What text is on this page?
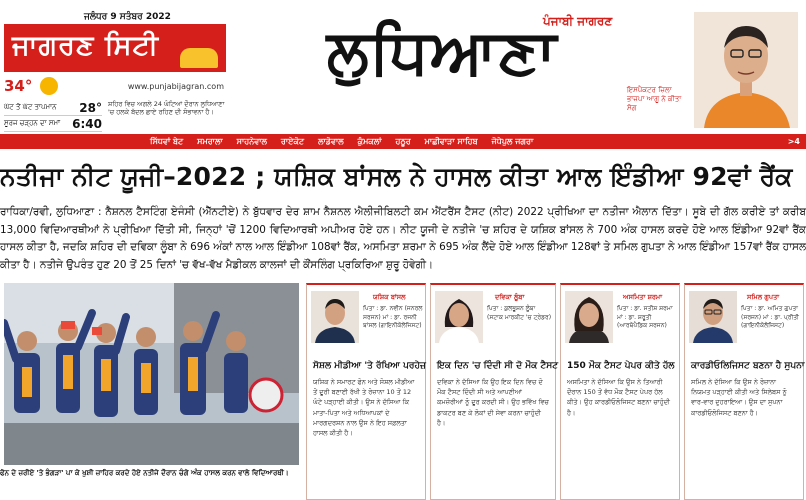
ਜਲੰਧਰ 9 ਸਤੰਬਰ 2022
ਜਾਗਰਣ ਸਿਟੀ
34°	www.punjabijagran.com
ਘੱਟ ਤੋਂ ਘੱਟ ਤਾਪਮਾਨ 28°
ਸੂਰਜ ਚੜ੍ਹਨ ਦਾ ਸਮਾਂ 6:40
ਸ਼ਹਿਰ ਵਿਚ ਅਗਲੇ 24 ਘੰਟਿਆਂ ਦੌਰਾਨ ਲੁਧਿਆਣਾ 'ਚ ਹਲਕੇ ਬੱਦਲ ਛਾਏ ਰਹਿਣ ਦੀ ਸੰਭਾਵਨਾ ਹੈ।
ਪੰਜਾਬੀ ਜਾਗਰਣ
ਲੁਧਿਆਣਾ
ਇਸਪੈਕਟਰ ਜ਼ਿਲਾ ਭਾਜਪਾ ਆਗੂ ਨੇ ਕੀਤਾ ਸੋਗ
ਸਿੱਧਵਾਂ ਬੇਟ ਸਮਰਾਲਾ ਸਾਹਨੇਵਾਲ ਰਾਏਕੋਟ ਲਾਡੋਵਾਲ ਕੁੰਮਕਲਾਂ ਹਠੂਰ ਮਾਛੀਵਾੜਾ ਸਾਹਿਬ ਜੋਧੇਪੁਲ ਜਗਰਾ	>4
ਨਤੀਜਾ ਨੀਟ ਯੂਜੀ–2022 ; ਯਸ਼ਿਕ ਬਾਂਸਲ ਨੇ ਹਾਸਲ ਕੀਤਾ ਆਲ ਇੰਡੀਆ 92ਵਾਂ ਰੈਂਕ
ਰਾਧਿਕਾ/ਰਵੀ, ਲੁਧਿਆਣਾ : ਨੈਸ਼ਨਲ ਟੈਸਟਿੰਗ ਏਜੰਸੀ (ਐੱਨਟੀਏ) ਨੇ ਬੁੱਧਵਾਰ ਦੇਰ ਸ਼ਾਮ ਨੈਸ਼ਨਲ ਐਲੀਜੀਬਿਲਟੀ ਕਮ ਐਂਟਰੈਂਸ ਟੈਸਟ (ਨੀਟ) 2022 ਪ੍ਰੀਖਿਆ ਦਾ ਨਤੀਜਾ ਐਲਾਨ ਦਿੱਤਾ। ਸੂਬੇ ਦੀ ਗੱਲ ਕਰੀਏ ਤਾਂ ਕਰੀਬ 13,000 ਵਿਦਿਆਰਥੀਆਂ ਨੇ ਪ੍ਰੀਖਿਆ ਦਿੱਤੀ ਸੀ, ਜਿਨ੍ਹਾਂ 'ਚੋਂ 1200 ਵਿਦਿਆਰਥੀ ਅਪੀਅਰ ਹੋਏ ਹਨ। ਨੀਟ ਯੂਜੀ ਦੇ ਨਤੀਜੇ 'ਚ ਸ਼ਹਿਰ ਦੇ ਯਸ਼ਿਕ ਬਾਂਸਲ ਨੇ 700 ਅੰਕ ਹਾਸਲ ਕਰਦੇ ਹੋਏ ਆਲ ਇੰਡੀਆ 92ਵਾਂ ਰੈਂਕ ਹਾਸਲ ਕੀਤਾ ਹੈ, ਜਦਕਿ ਸ਼ਹਿਰ ਦੀ ਦਵਿਕਾ ਲੂੰਬਾ ਨੇ 696 ਅੰਕਾਂ ਨਾਲ ਆਲ ਇੰਡੀਆ 108ਵਾਂ ਰੈਂਕ, ਅਸਮਿਤਾ ਸ਼ਰਮਾ ਨੇ 695 ਅੰਕ ਲੈਂਦੇ ਹੋਏ ਆਲ ਇੰਡੀਆ 128ਵਾਂ ਤੇ ਸਮਿਲ ਗੁਪਤਾ ਨੇ ਆਲ ਇੰਡੀਆ 157ਵਾਂ ਰੈਂਕ ਹਾਸਲ ਕੀਤਾ ਹੈ। ਨਤੀਜੇ ਉਪਰੰਤ ਹੁਣ 20 ਤੋਂ 25 ਦਿਨਾਂ 'ਚ ਵੱਖ-ਵੱਖ ਮੈਡੀਕਲ ਕਾਲਜਾਂ ਦੀ ਕੌਂਸਲਿੰਗ ਪ੍ਰਕਿਰਿਆ ਸ਼ੁਰੂ ਹੋਵੇਗੀ।
ਫੋਨ ਦੇ ਜ਼ਰੀਏ 'ਤੇ ਭੰਗੜਾ' ਪਾ ਕੇ ਖੁਸ਼ੀ ਜ਼ਾਹਿਰ ਕਰਦੇ ਹੋਏ ਨਤੀਜੇ ਦੌਰਾਨ ਚੰਗੇ ਅੰਕ ਹਾਸਲ ਕਰਨ ਵਾਲੇ ਵਿਦਿਆਰਥੀ।
ਯਸ਼ਿਕ ਬਾਂਸਲ
ਪਿਤਾ : ਡਾ. ਨਵੀਨ (ਜਨਰਲ ਸਰਜਨ) ਮਾਂ : ਡਾ. ਰਜਨੀ ਬਾਂਸਲ (ਗਾਇਨੀਕੋਲੋਜਿਸਟ)
ਸੋਸ਼ਲ ਮੀਡੀਆ 'ਤੇ ਰੱਖਿਆ ਪਰਹੇਜ਼
ਯਸ਼ਿਕ ਨੇ ਸਮਾਰਟ ਫੋਨ ਅਤੇ ਸੋਸ਼ਲ ਮੀਡੀਆ ਤੋਂ ਦੂਰੀ ਬਣਾਈ ਰੱਖੀ ਤੇ ਰੋਜ਼ਾਨਾ 10 ਤੋਂ 12 ਘੰਟੇ ਪੜ੍ਹਾਈ ਕੀਤੀ। ਉਸ ਨੇ ਦੱਸਿਆ ਕਿ ਮਾਤਾ-ਪਿਤਾ ਅਤੇ ਅਧਿਆਪਕਾਂ ਦੇ ਮਾਰਗਦਰਸ਼ਨ ਨਾਲ ਉਸ ਨੇ ਇਹ ਸਫ਼ਲਤਾ ਹਾਸਲ ਕੀਤੀ ਹੈ।
ਦਵਿਕਾ ਲੂੰਬਾ
ਪਿਤਾ : ਕੁਲਭੂਸ਼ਨ ਲੂੰਬਾ (ਸਟਾਕ ਮਾਰਕੀਟ 'ਚ ਟ੍ਰੇਡਰ)
ਇਕ ਦਿਨ 'ਚ ਦਿੰਦੀ ਸੀ ਦੋ ਮੌਕ ਟੈਸਟ
ਦਵਿਕਾ ਨੇ ਦੱਸਿਆ ਕਿ ਉਹ ਇਕ ਦਿਨ ਵਿਚ ਦੋ ਮੌਕ ਟੈਸਟ ਦਿੰਦੀ ਸੀ ਅਤੇ ਆਪਣੀਆਂ ਕਮਜ਼ੋਰੀਆਂ ਨੂੰ ਦੂਰ ਕਰਦੀ ਸੀ। ਉਹ ਭਵਿੱਖ ਵਿਚ ਡਾਕਟਰ ਬਣ ਕੇ ਲੋਕਾਂ ਦੀ ਸੇਵਾ ਕਰਨਾ ਚਾਹੁੰਦੀ ਹੈ।
ਅਸਮਿਤਾ ਸ਼ਰਮਾ
ਪਿਤਾ : ਡਾ. ਸਤੀਸ਼ ਸ਼ਰਮਾ ਮਾਂ : ਡਾ. ਸ਼ਰੂਤੀ (ਆਰਥੋਪੈਡਿਕ ਸਰਜਨ)
150 ਮੌਕ ਟੈਸਟ ਪੇਪਰ ਕੀਤੇ ਹੱਲ
ਅਸਮਿਤਾ ਨੇ ਦੱਸਿਆ ਕਿ ਉਸ ਨੇ ਤਿਆਰੀ ਦੌਰਾਨ 150 ਤੋਂ ਵੱਧ ਮੌਕ ਟੈਸਟ ਪੇਪਰ ਹੱਲ ਕੀਤੇ। ਉਹ ਕਾਰਡੀਓਲੋਜਿਸਟ ਬਣਨਾ ਚਾਹੁੰਦੀ ਹੈ।
ਸਮਿਲ ਗੁਪਤਾ
ਪਿਤਾ : ਡਾ. ਅਮਿਤ ਗੁਪਤਾ (ਸਰਜਨ) ਮਾਂ : ਡਾ. ਪ੍ਰੀਤੀ (ਗਾਇਨੀਕੋਲੋਜਿਸਟ)
ਕਾਰਡੀਓਲਿਜਿਸਟ ਬਣਨਾ ਹੈ ਸੁਪਨਾ
ਸਮਿਲ ਨੇ ਦੱਸਿਆ ਕਿ ਉਸ ਨੇ ਰੋਜ਼ਾਨਾ ਨਿਯਮਤ ਪੜ੍ਹਾਈ ਕੀਤੀ ਅਤੇ ਸਿਲੇਬਸ ਨੂੰ ਵਾਰ-ਵਾਰ ਦੁਹਰਾਇਆ। ਉਸ ਦਾ ਸੁਪਨਾ ਕਾਰਡੀਓਲੋਜਿਸਟ ਬਣਨਾ ਹੈ।
